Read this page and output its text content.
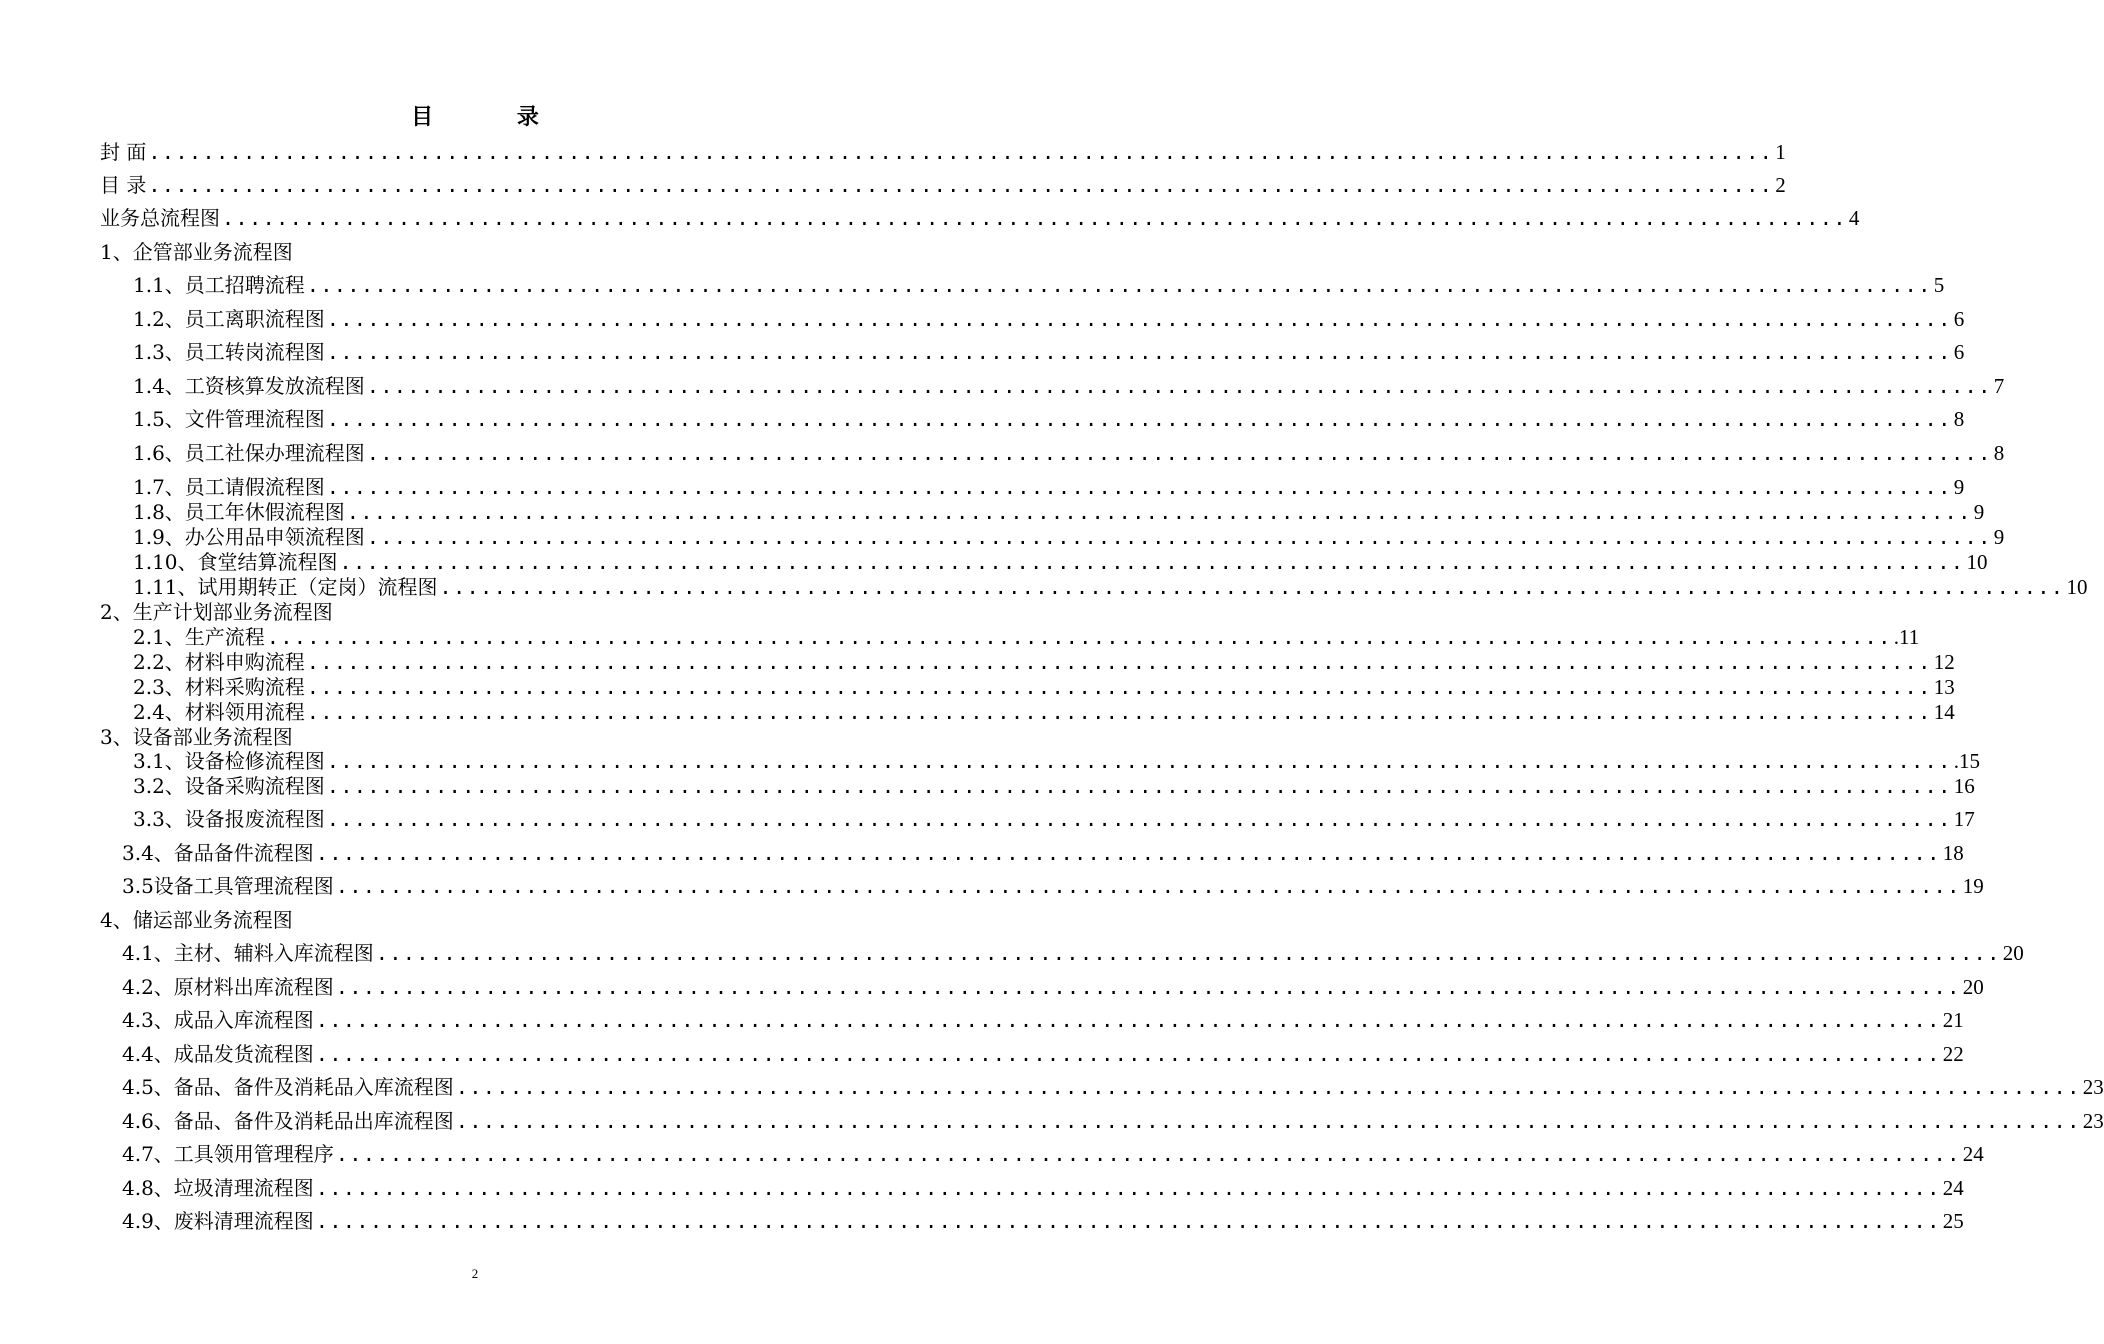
目 录
封 面 ........................................................................................................................ 1
目 录 ........................................................................................................................ 2
业务总流程图 ........................................................................................................................ 4
1、企管部业务流程图
1.1、员工招聘流程 ........................................................................................................................ 5
1.2、员工离职流程图 ........................................................................................................................ 6
1.3、员工转岗流程图 ........................................................................................................................ 6
1.4、工资核算发放流程图 ........................................................................................................................ 7
1.5、文件管理流程图 ........................................................................................................................ 8
1.6、员工社保办理流程图 ........................................................................................................................ 8
1.7、员工请假流程图 ........................................................................................................................ 9
1.8、员工年休假流程图 ........................................................................................................................ 9
1.9、办公用品申领流程图 ........................................................................................................................ 9
1.10、食堂结算流程图 ........................................................................................................................ 10
1.11、试用期转正（定岗）流程图 ........................................................................................................................ 10
2、生产计划部业务流程图
2.1、生产流程 ........................................................................................................................ .11
2.2、材料申购流程 ........................................................................................................................ 12
2.3、材料采购流程 ........................................................................................................................ 13
2.4、材料领用流程 ........................................................................................................................ 14
3、设备部业务流程图
3.1、设备检修流程图 ........................................................................................................................ .15
3.2、设备采购流程图 ........................................................................................................................ 16
3.3、设备报废流程图 ........................................................................................................................ 17
3.4、备品备件流程图 ........................................................................................................................ 18
3.5设备工具管理流程图 ........................................................................................................................ 19
4、储运部业务流程图
4.1、主材、辅料入库流程图 ........................................................................................................................ 20
4.2、原材料出库流程图 ........................................................................................................................ 20
4.3、成品入库流程图 ........................................................................................................................ 21
4.4、成品发货流程图 ........................................................................................................................ 22
4.5、备品、备件及消耗品入库流程图 ........................................................................................................................ 23
4.6、备品、备件及消耗品出库流程图 ........................................................................................................................ 23
4.7、工具领用管理程序 ........................................................................................................................ 24
4.8、垃圾清理流程图 ........................................................................................................................ 24
4.9、废料清理流程图 ........................................................................................................................ 25
2
